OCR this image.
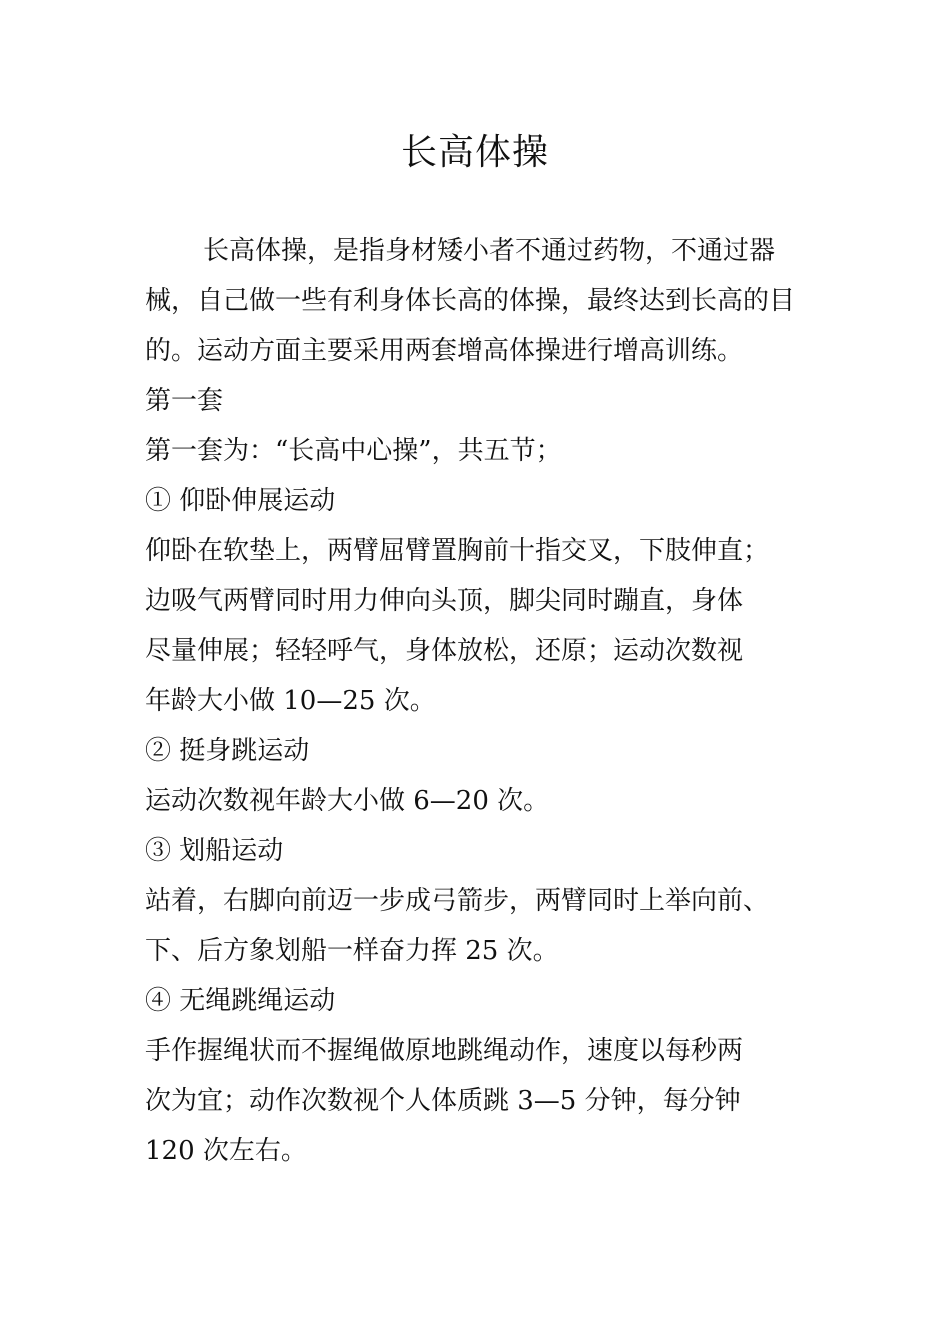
长高体操

长高体操，是指身材矮小者不通过药物，不通过器械，自己做一些有利身体长高的体操，最终达到长高的目的。运动方面主要采用两套增高体操进行增高训练。

第一套

第一套为：“长高中心操”，共五节；

① 仰卧伸展运动

仰卧在软垫上，两臂屈臂置胸前十指交叉，下肢伸直；
边吸气两臂同时用力伸向头顶，脚尖同时蹦直，身体
尽量伸展；轻轻呼气，身体放松，还原；运动次数视
年龄大小做 10—25 次。

② 挺身跳运动

运动次数视年龄大小做 6—20 次。

③ 划船运动

站着，右脚向前迈一步成弓箭步，两臂同时上举向前、
下、后方象划船一样奋力挥 25 次。

④ 无绳跳绳运动

手作握绳状而不握绳做原地跳绳动作，速度以每秒两
次为宜；动作次数视个人体质跳 3—5 分钟，每分钟
120 次左右。
